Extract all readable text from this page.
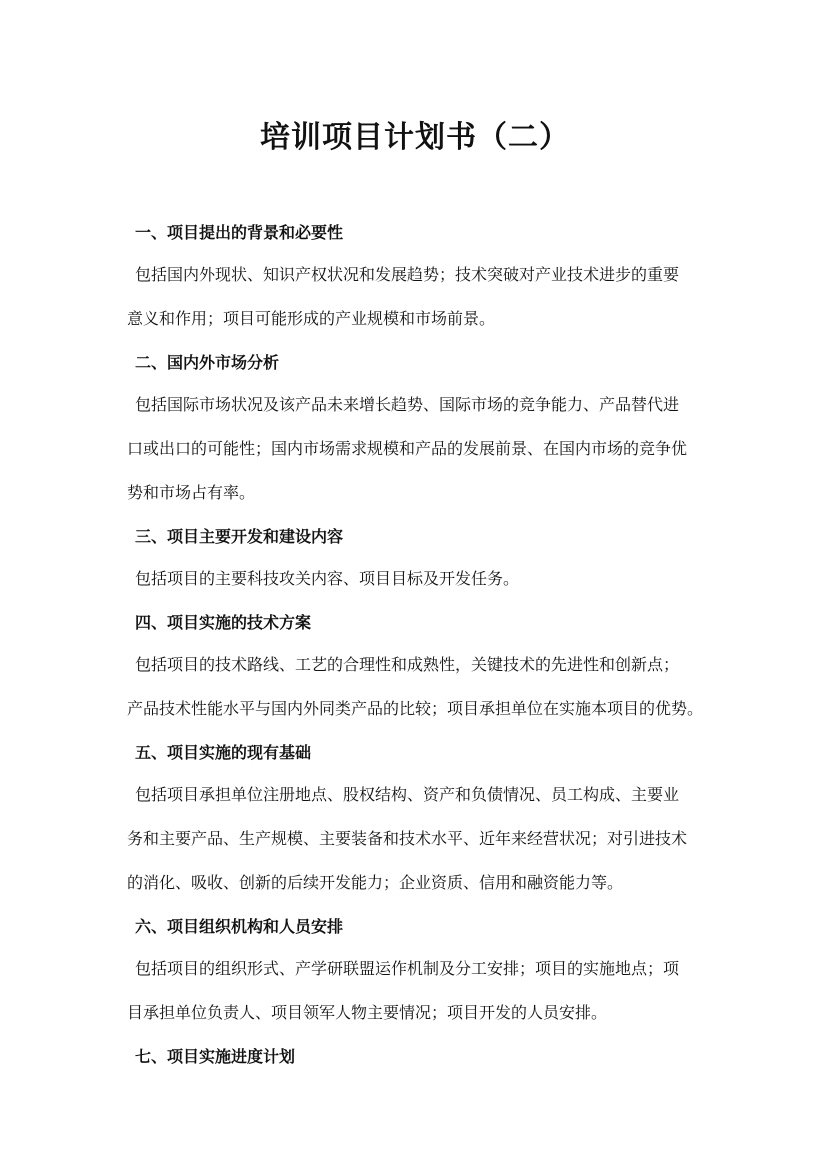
培训项目计划书（二）

一、项目提出的背景和必要性

包括国内外现状、知识产权状况和发展趋势；技术突破对产业技术进步的重要

意义和作用；项目可能形成的产业规模和市场前景。

二、国内外市场分析

包括国际市场状况及该产品未来增长趋势、国际市场的竞争能力、产品替代进

口或出口的可能性；国内市场需求规模和产品的发展前景、在国内市场的竞争优

势和市场占有率。

三、项目主要开发和建设内容

包括项目的主要科技攻关内容、项目目标及开发任务。

四、项目实施的技术方案

包括项目的技术路线、工艺的合理性和成熟性，关键技术的先进性和创新点；

产品技术性能水平与国内外同类产品的比较；项目承担单位在实施本项目的优势。

五、项目实施的现有基础

包括项目承担单位注册地点、股权结构、资产和负债情况、员工构成、主要业

务和主要产品、生产规模、主要装备和技术水平、近年来经营状况；对引进技术

的消化、吸收、创新的后续开发能力；企业资质、信用和融资能力等。

六、项目组织机构和人员安排

包括项目的组织形式、产学研联盟运作机制及分工安排；项目的实施地点；项

目承担单位负责人、项目领军人物主要情况；项目开发的人员安排。

七、项目实施进度计划
